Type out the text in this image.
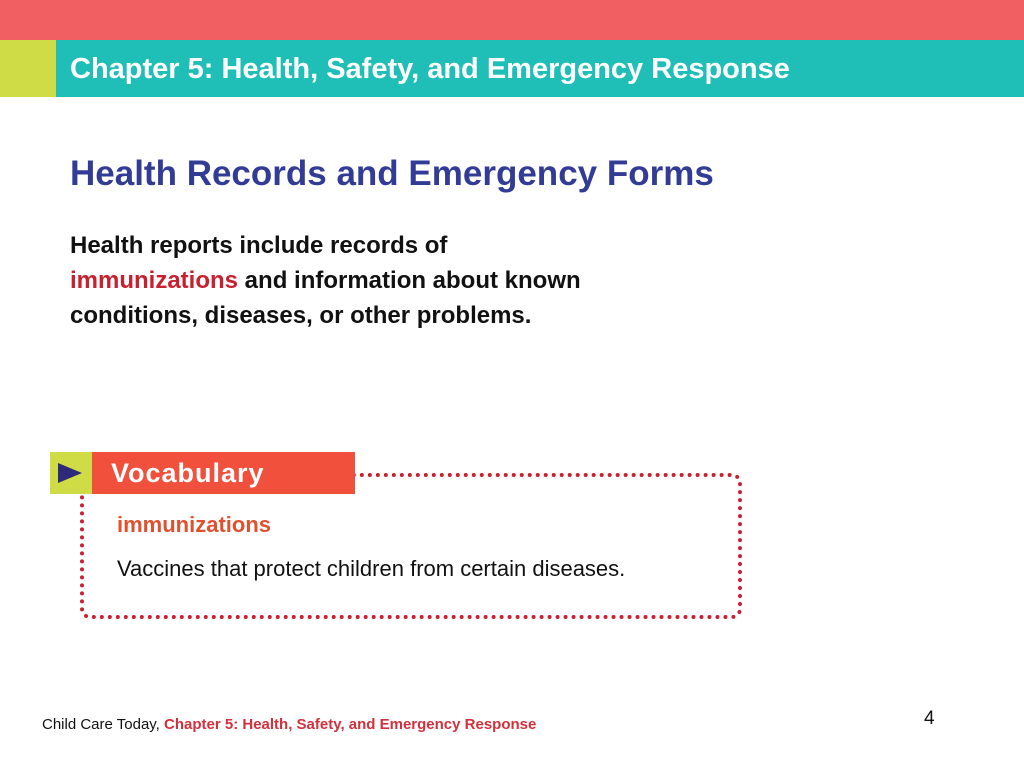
Chapter 5: Health, Safety, and Emergency Response
Health Records and Emergency Forms
Health reports include records of
immunizations and information about known
conditions, diseases, or other problems.
Vocabulary
immunizations
Vaccines that protect children from certain diseases.
Child Care Today, Chapter 5: Health, Safety, and Emergency Response	4
